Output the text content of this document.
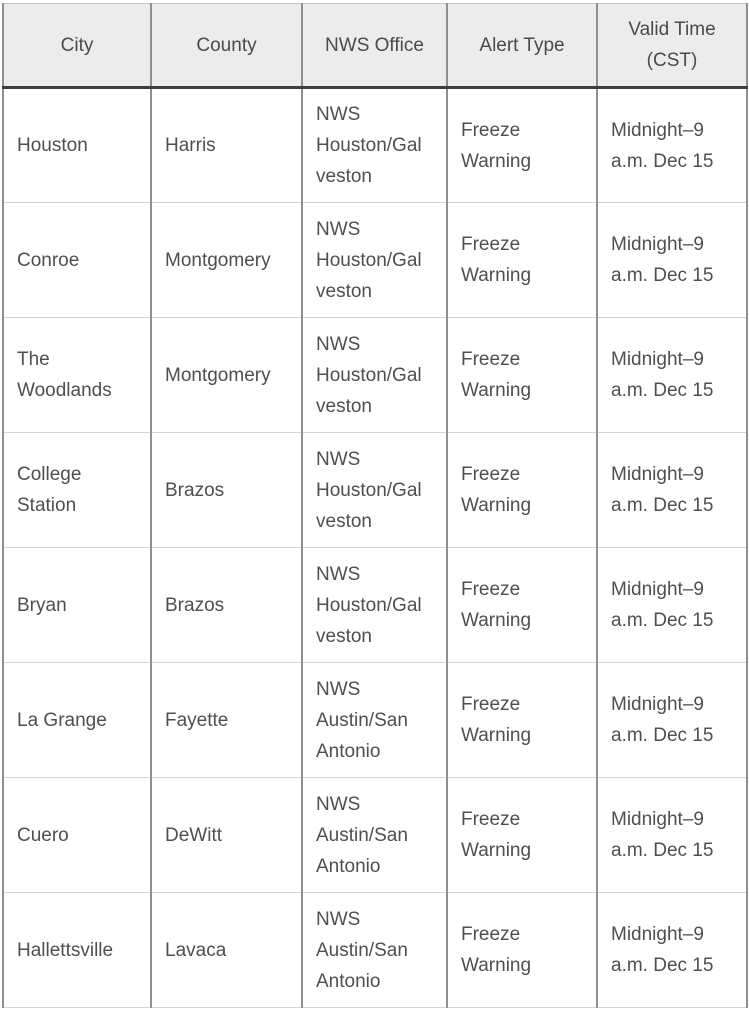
City	County	NWS Office	Alert Type	Valid Time (CST)
Houston	Harris	NWS Houston/Galveston	Freeze Warning	Midnight–9 a.m. Dec 15
Conroe	Montgomery	NWS Houston/Galveston	Freeze Warning	Midnight–9 a.m. Dec 15
The Woodlands	Montgomery	NWS Houston/Galveston	Freeze Warning	Midnight–9 a.m. Dec 15
College Station	Brazos	NWS Houston/Galveston	Freeze Warning	Midnight–9 a.m. Dec 15
Bryan	Brazos	NWS Houston/Galveston	Freeze Warning	Midnight–9 a.m. Dec 15
La Grange	Fayette	NWS Austin/San Antonio	Freeze Warning	Midnight–9 a.m. Dec 15
Cuero	DeWitt	NWS Austin/San Antonio	Freeze Warning	Midnight–9 a.m. Dec 15
Hallettsville	Lavaca	NWS Austin/San Antonio	Freeze Warning	Midnight–9 a.m. Dec 15
